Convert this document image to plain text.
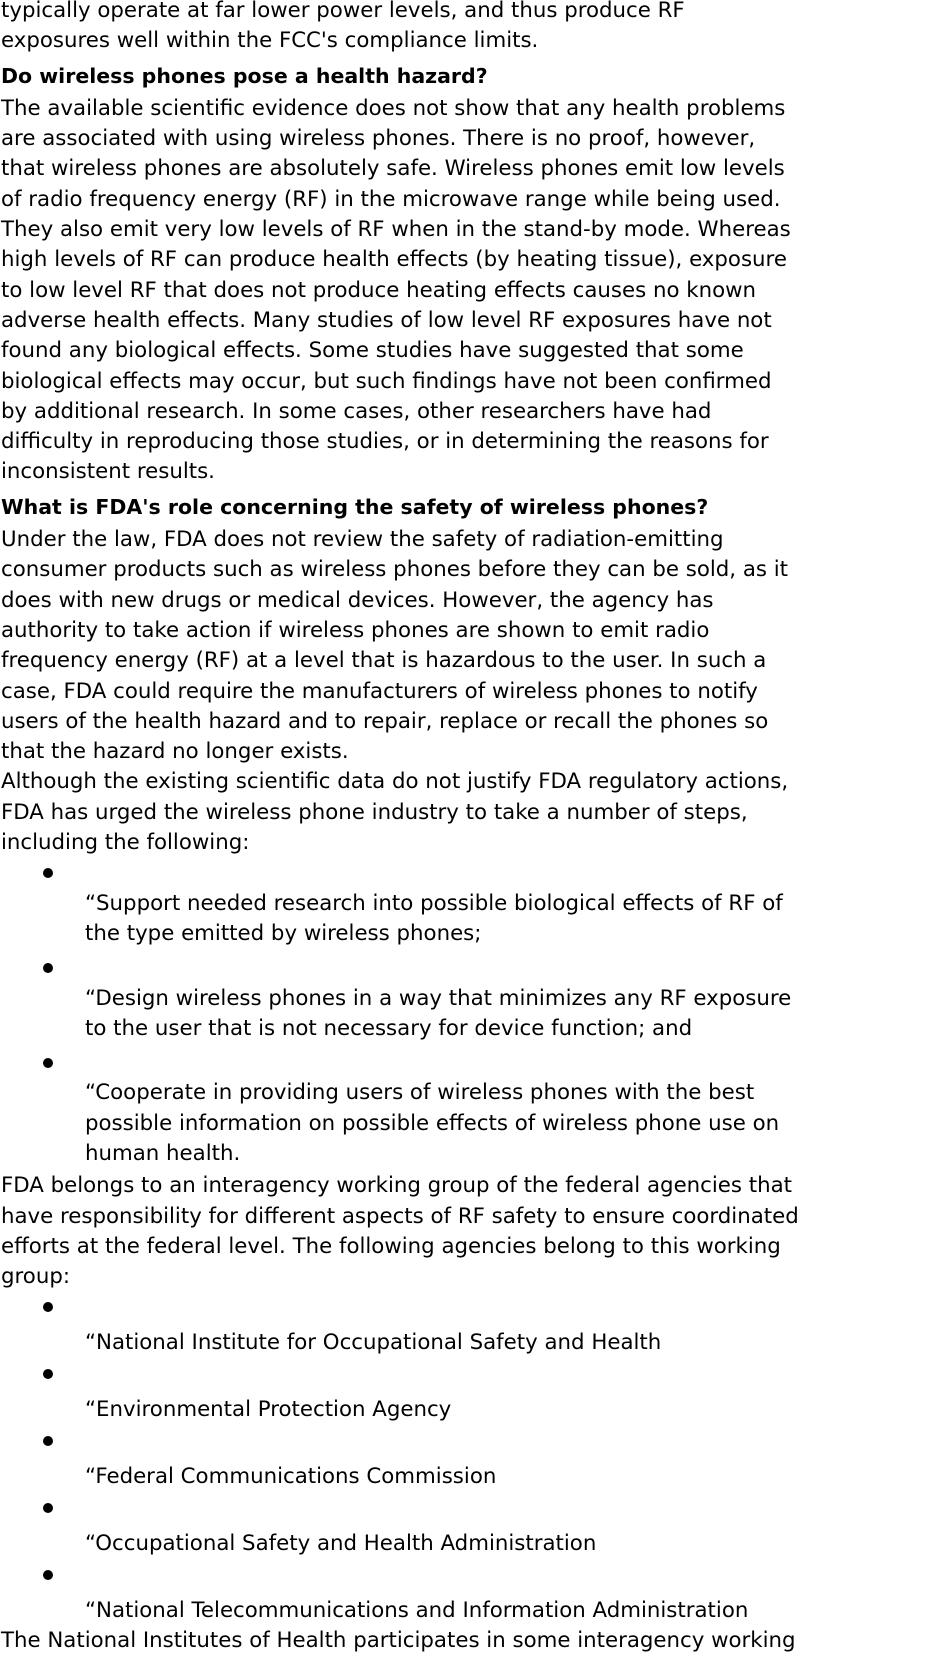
typically operate at far lower power levels, and thus produce RF
exposures well within the FCC's compliance limits.

Do wireless phones pose a health hazard?

The available scientific evidence does not show that any health problems
are associated with using wireless phones. There is no proof, however,
that wireless phones are absolutely safe. Wireless phones emit low levels
of radio frequency energy (RF) in the microwave range while being used.
They also emit very low levels of RF when in the stand-by mode. Whereas
high levels of RF can produce health effects (by heating tissue), exposure
to low level RF that does not produce heating effects causes no known
adverse health effects. Many studies of low level RF exposures have not
found any biological effects. Some studies have suggested that some
biological effects may occur, but such findings have not been confirmed
by additional research. In some cases, other researchers have had
difficulty in reproducing those studies, or in determining the reasons for
inconsistent results.

What is FDA's role concerning the safety of wireless phones?

Under the law, FDA does not review the safety of radiation-emitting
consumer products such as wireless phones before they can be sold, as it
does with new drugs or medical devices. However, the agency has
authority to take action if wireless phones are shown to emit radio
frequency energy (RF) at a level that is hazardous to the user. In such a
case, FDA could require the manufacturers of wireless phones to notify
users of the health hazard and to repair, replace or recall the phones so
that the hazard no longer exists.

Although the existing scientific data do not justify FDA regulatory actions,
FDA has urged the wireless phone industry to take a number of steps,
including the following:

“Support needed research into possible biological effects of RF of
the type emitted by wireless phones;

“Design wireless phones in a way that minimizes any RF exposure
to the user that is not necessary for device function; and

“Cooperate in providing users of wireless phones with the best
possible information on possible effects of wireless phone use on
human health.

FDA belongs to an interagency working group of the federal agencies that
have responsibility for different aspects of RF safety to ensure coordinated
efforts at the federal level. The following agencies belong to this working
group:

“National Institute for Occupational Safety and Health

“Environmental Protection Agency

“Federal Communications Commission

“Occupational Safety and Health Administration

“National Telecommunications and Information Administration

The National Institutes of Health participates in some interagency working
